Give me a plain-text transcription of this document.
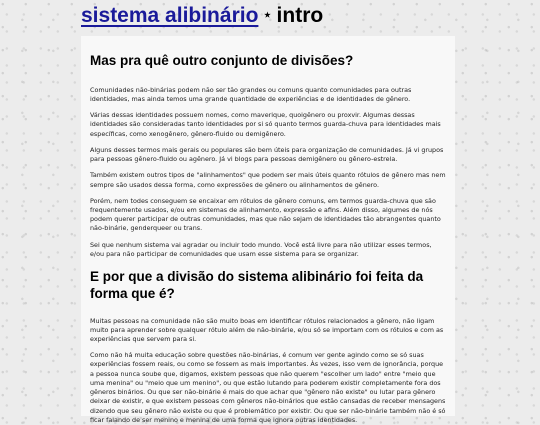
sistema alibinário ⋆ intro
Mas pra quê outro conjunto de divisões?

Comunidades não-binárias podem não ser tão grandes ou comuns quanto comunidades para outras identidades, mas ainda temos uma grande quantidade de experiências e de identidades de gênero.

Várias dessas identidades possuem nomes, como maverique, quoigênero ou proxvir. Algumas dessas identidades são consideradas tanto identidades por si só quanto termos guarda-chuva para identidades mais específicas, como xenogênero, gênero-fluido ou demigênero.

Alguns desses termos mais gerais ou populares são bem úteis para organização de comunidades. Já vi grupos para pessoas gênero-fluido ou agênero. Já vi blogs para pessoas demigênero ou gênero-estrela.

Também existem outros tipos de "alinhamentos" que podem ser mais úteis quanto rótulos de gênero mas nem sempre são usados dessa forma, como expressões de gênero ou alinhamentos de gênero.

Porém, nem todes conseguem se encaixar em rótulos de gênero comuns, em termos guarda-chuva que são frequentemente usados, e/ou em sistemas de alinhamento, expressão e afins. Além disso, algumes de nós podem querer participar de outras comunidades, mas que não sejam de identidades tão abrangentes quanto não-binárie, genderqueer ou trans.

Sei que nenhum sistema vai agradar ou incluir todo mundo. Você está livre para não utilizar esses termos, e/ou para não participar de comunidades que usam esse sistema para se organizar.

E por que a divisão do sistema alibinário foi feita da forma que é?

Muitas pessoas na comunidade não são muito boas em identificar rótulos relacionados a gênero, não ligam muito para aprender sobre qualquer rótulo além de não-binárie, e/ou só se importam com os rótulos e com as experiências que servem para si.

Como não há muita educação sobre questões não-binárias, é comum ver gente agindo como se só suas experiências fossem reais, ou como se fossem as mais importantes. Às vezes, isso vem de ignorância, porque a pessoa nunca soube que, digamos, existem pessoas que não querem "escolher um lado" entre "meio que uma menina" ou "meio que um menino", ou que estão lutando para poderem existir completamente fora dos gêneros binários. Ou que ser não-binárie é mais do que achar que "gênero não existe" ou lutar para gênero deixar de existir, e que existem pessoas com gêneros não-binários que estão cansadas de receber mensagens dizendo que seu gênero não existe ou que é problemático por existir. Ou que ser não-binárie também não é só ficar falando de ser menino e menina de uma forma que ignora outras identidades.
